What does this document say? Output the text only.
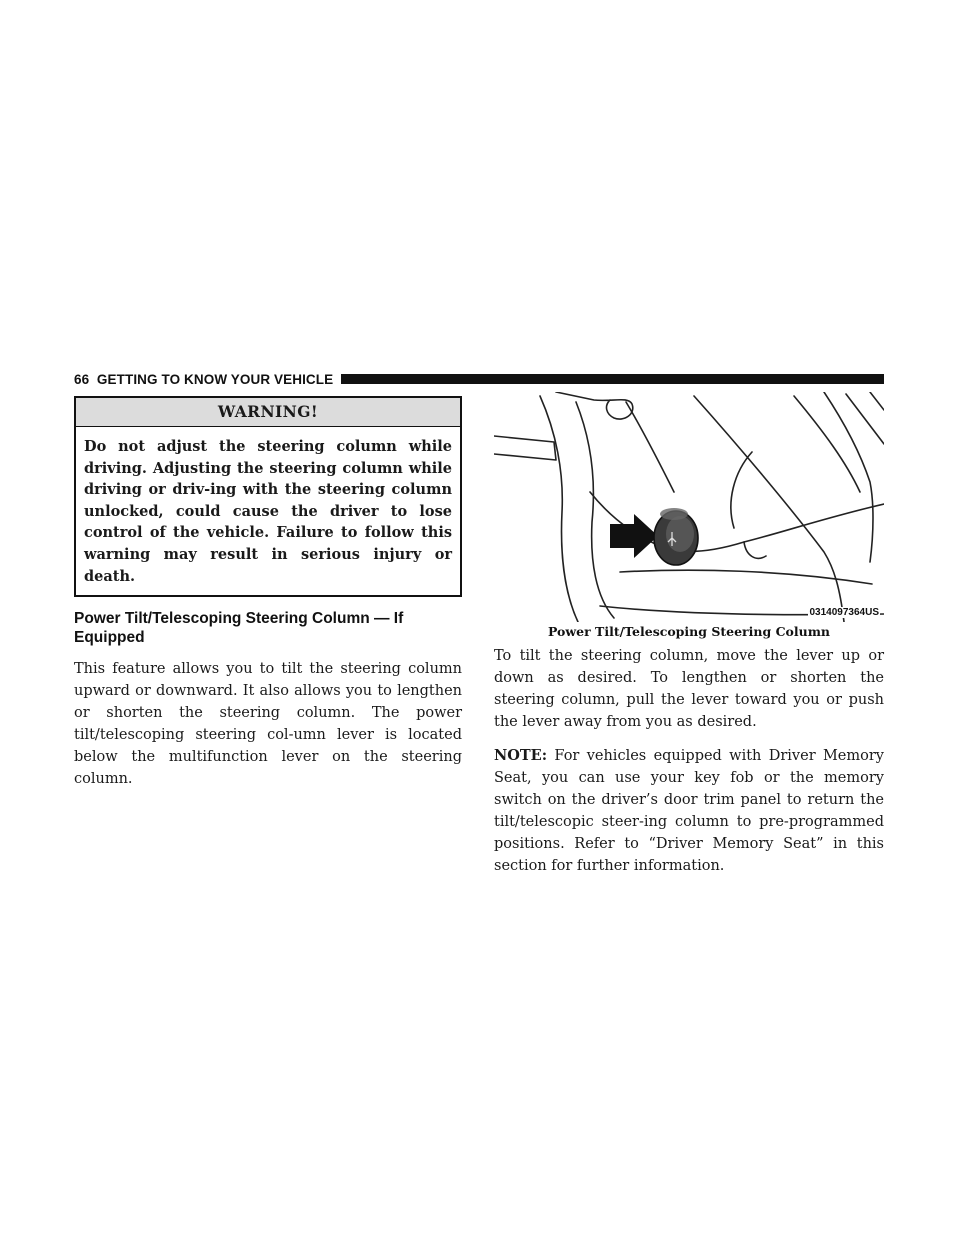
66 GETTING TO KNOW YOUR VEHICLE
WARNING!
Do not adjust the steering column while driving. Adjusting the steering column while driving or driv-ing with the steering column unlocked, could cause the driver to lose control of the vehicle. Failure to follow this warning may result in serious injury or death.
Power Tilt/Telescoping Steering Column — If Equipped

This feature allows you to tilt the steering column upward or downward. It also allows you to lengthen or shorten the steering column. The power tilt/telescoping steering col-umn lever is located below the multifunction lever on the steering column.

0314097364US
Power Tilt/Telescoping Steering Column

To tilt the steering column, move the lever up or down as desired. To lengthen or shorten the steering column, pull the lever toward you or push the lever away from you as desired.

NOTE: For vehicles equipped with Driver Memory Seat, you can use your key fob or the memory switch on the driver’s door trim panel to return the tilt/telescopic steer-ing column to pre-programmed positions. Refer to “Driver Memory Seat” in this section for further information.
